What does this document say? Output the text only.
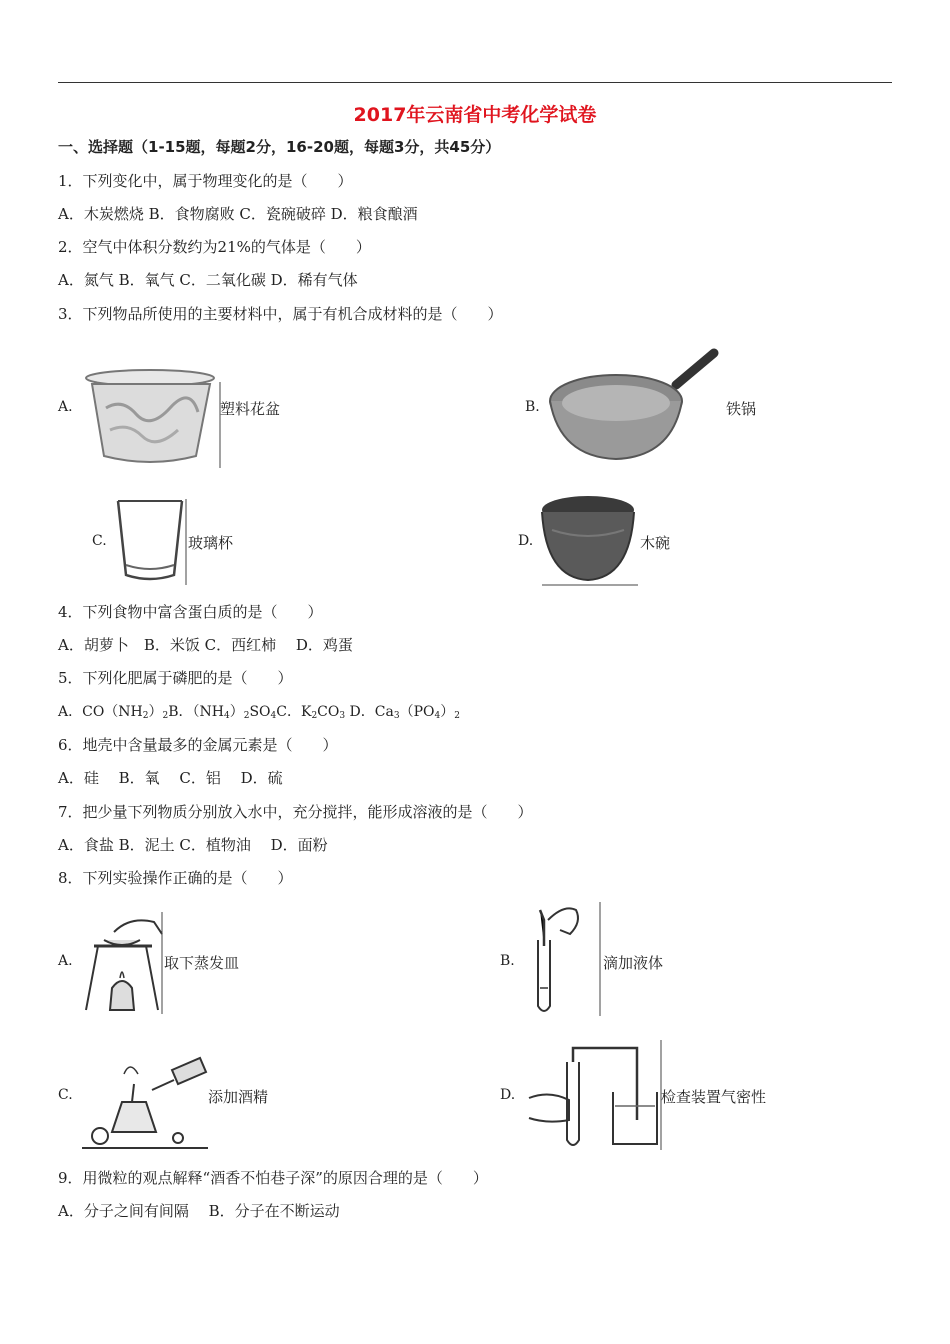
2017年云南省中考化学试卷
一、选择题（1-15题，每题2分，16-20题，每题3分，共45分）
1．下列变化中，属于物理变化的是（　　）
A．木炭燃烧 B．食物腐败 C．瓷碗破碎 D．粮食酿酒
2．空气中体积分数约为21%的气体是（　　）
A．氮气 B．氧气 C．二氧化碳 D．稀有气体
3．下列物品所使用的主要材料中，属于有机合成材料的是（　　）
A.	塑料花盆	B.	铁锅
C.	玻璃杯	D.	木碗
4．下列食物中富含蛋白质的是（　　）
A．胡萝卜　B．米饭 C．西红柿　 D．鸡蛋
5．下列化肥属于磷肥的是（　　）
A．$CO(NH_2)_2B$．$(NH_4)_2SO_4C$．$K_2CO_3$ D．$Ca_3(PO_4)_2$
6．地壳中含量最多的金属元素是（　　）
A．硅　 B．氧　 C．铝　 D．硫
7．把少量下列物质分别放入水中，充分搅拌，能形成溶液的是（　　）
A．食盐 B．泥土 C．植物油　 D．面粉
8．下列实验操作正确的是（　　）
A.	取下蒸发皿	B.	滴加液体
C.	添加酒精	D.	检查装置气密性
9．用微粒的观点解释“酒香不怕巷子深”的原因合理的是（　　）
A．分子之间有间隔　 B．分子在不断运动
